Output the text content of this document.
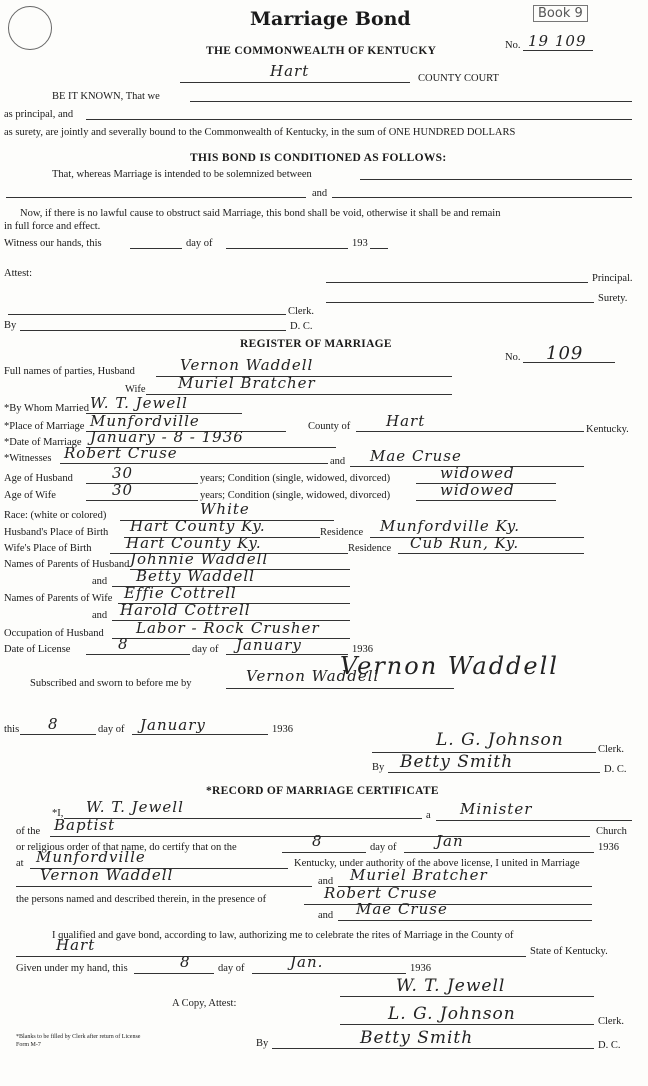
Marriage Bond	Book 9
THE COMMONWEALTH OF KENTUCKY	No. 19 109
Hart	COUNTY COURT
BE IT KNOWN, That we
as principal, and
as surety, are jointly and severally bound to the Commonwealth of Kentucky, in the sum of ONE HUNDRED DOLLARS
THIS BOND IS CONDITIONED AS FOLLOWS:
That, whereas Marriage is intended to be solemnized between
and
Now, if there is no lawful cause to obstruct said Marriage, this bond shall be void, otherwise it shall be and remain
in full force and effect.
Witness our hands, this	day of	193
Attest:	Principal.
Surety.
Clerk.
By	D. C.
REGISTER OF MARRIAGE
No. 109
Full names of parties, Husband	Vernon Waddell
Wife Muriel Bratcher
*By Whom Married W. T. Jewell
*Place of Marriage Munfordville	County of Hart	Kentucky.
*Date of Marriage January - 8 - 1936
*Witnesses Robert Cruse	and Mae Cruse
Age of Husband	30	years; Condition (single, widowed, divorced)	widowed
Age of Wife	30	years; Condition (single, widowed, divorced)	widowed
Race: (white or colored)	White
Husband's Place of Birth Hart County Ky.	Residence Munfordville Ky.
Wife's Place of Birth Hart County Ky.	Residence Cub Run, Ky.
Names of Parents of Husband Johnnie Waddell
and Betty Waddell
Names of Parents of Wife Effie Cottrell
and Harold Cottrell
Occupation of Husband Labor - Rock Crusher
Date of License	8	day of January	1936
Vernon Waddell
Subscribed and sworn to before me by	Vernon Waddell
this 8	day of January	1936
L. G. Johnson	Clerk.
By Betty Smith	D. C.
*RECORD OF MARRIAGE CERTIFICATE
*I, W. T. Jewell	a Minister
of the Baptist	Church
or religious order of that name, do certify that on the	8	day of	Jan	1936
at Munfordville	Kentucky, under authority of the above license, I united in Marriage
Vernon Waddell	and Muriel Bratcher
the persons named and described therein, in the presence of	Robert Cruse
and Mae Cruse
I qualified and gave bond, according to law, authorizing me to celebrate the rites of Marriage in the County of
Hart	State of Kentucky.
Given under my hand, this	8	day of	Jan.	1936
W. T. Jewell
A Copy, Attest:
L. G. Johnson	Clerk.
By	Betty Smith	D. C.
*Blanks to be filled by Clerk after return of License
Form M-7
